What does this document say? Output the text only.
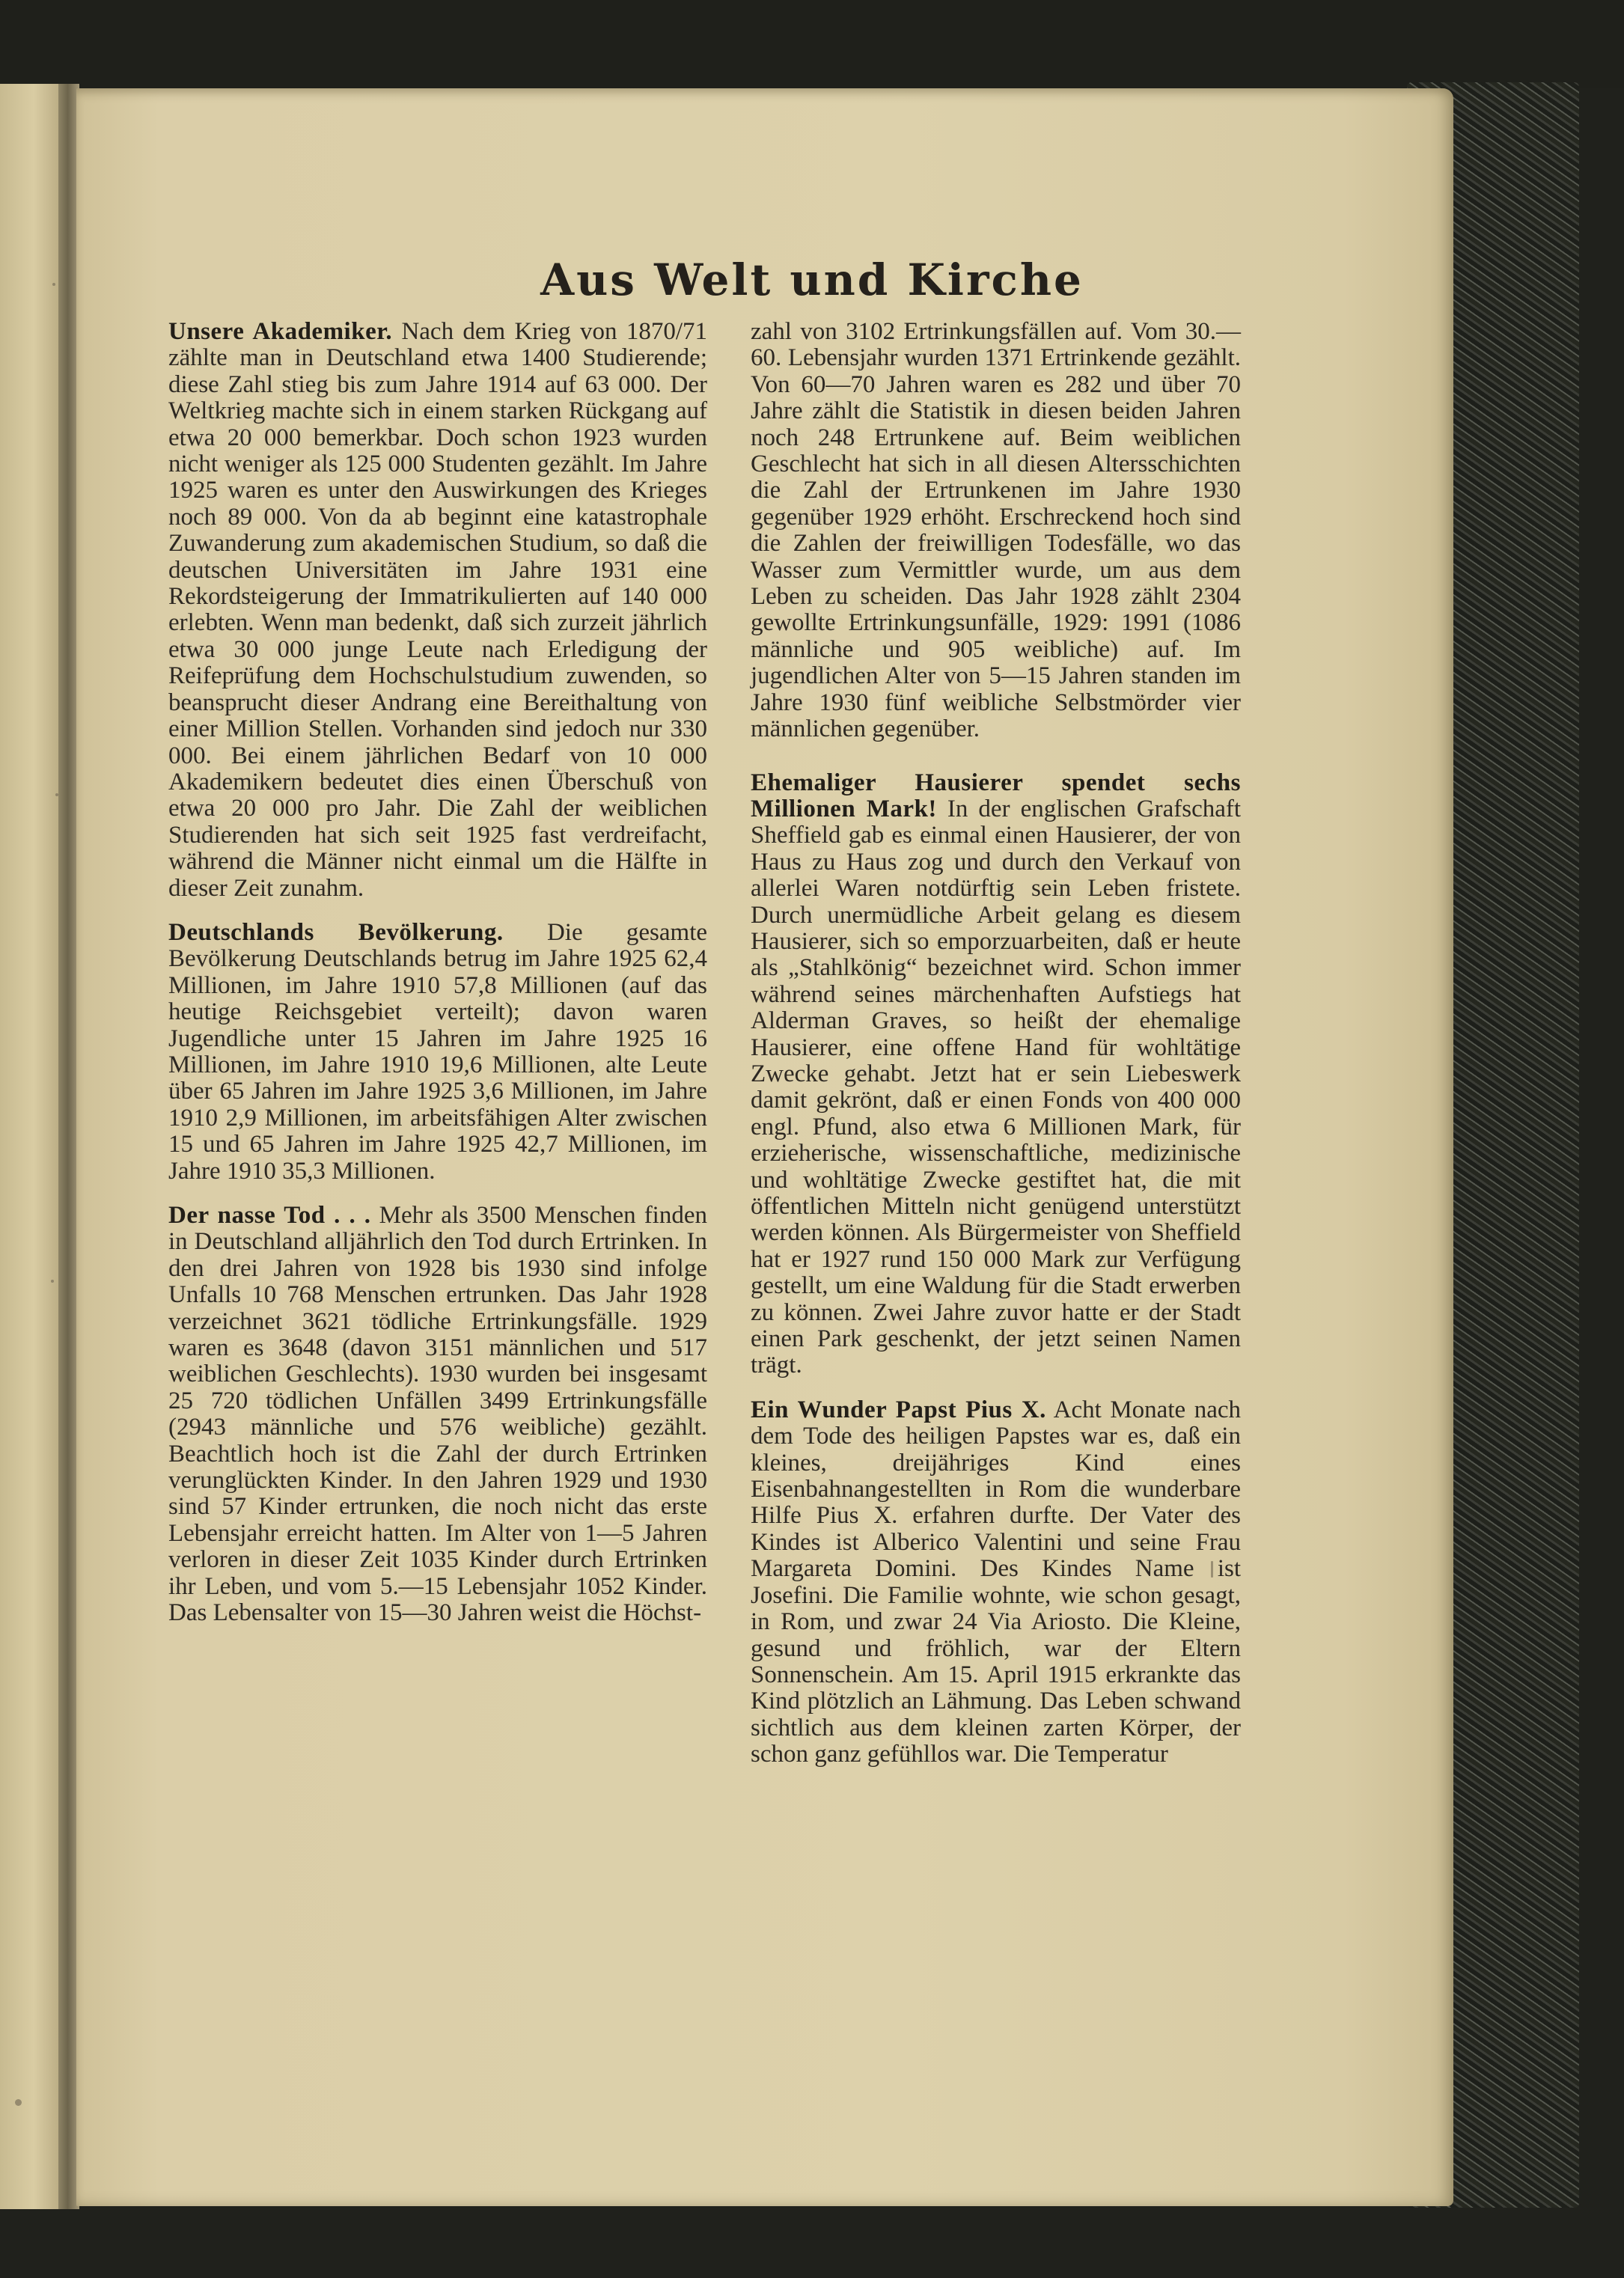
Aus Welt und Kirche

Unsere Akademiker. Nach dem Krieg von 1870/71 zählte man in Deutschland etwa 1400 Studierende; diese Zahl stieg bis zum Jahre 1914 auf 63 000. Der Weltkrieg machte sich in einem starken Rückgang auf etwa 20 000 bemerkbar. Doch schon 1923 wurden nicht weniger als 125 000 Studenten gezählt. Im Jahre 1925 waren es unter den Auswirkungen des Krieges noch 89 000. Von da ab beginnt eine katastrophale Zuwanderung zum akademischen Studium, so daß die deutschen Universitäten im Jahre 1931 eine Rekordsteigerung der Immatrikulierten auf 140 000 erlebten. Wenn man bedenkt, daß sich zurzeit jährlich etwa 30 000 junge Leute nach Erledigung der Reifeprüfung dem Hochschulstudium zuwenden, so beansprucht dieser Andrang eine Bereithaltung von einer Million Stellen. Vorhanden sind jedoch nur 330 000. Bei einem jährlichen Bedarf von 10 000 Akademikern bedeutet dies einen Überschuß von etwa 20 000 pro Jahr. Die Zahl der weiblichen Studierenden hat sich seit 1925 fast verdreifacht, während die Männer nicht einmal um die Hälfte in dieser Zeit zunahm.

Deutschlands Bevölkerung. Die gesamte Bevölkerung Deutschlands betrug im Jahre 1925 62,4 Millionen, im Jahre 1910 57,8 Millionen (auf das heutige Reichsgebiet verteilt); davon waren Jugendliche unter 15 Jahren im Jahre 1925 16 Millionen, im Jahre 1910 19,6 Millionen, alte Leute über 65 Jahren im Jahre 1925 3,6 Millionen, im Jahre 1910 2,9 Millionen, im arbeitsfähigen Alter zwischen 15 und 65 Jahren im Jahre 1925 42,7 Millionen, im Jahre 1910 35,3 Millionen.

Der nasse Tod . . . Mehr als 3500 Menschen finden in Deutschland alljährlich den Tod durch Ertrinken. In den drei Jahren von 1928 bis 1930 sind infolge Unfalls 10 768 Menschen ertrunken. Das Jahr 1928 verzeichnet 3621 tödliche Ertrinkungsfälle. 1929 waren es 3648 (davon 3151 männlichen und 517 weiblichen Geschlechts). 1930 wurden bei insgesamt 25 720 tödlichen Unfällen 3499 Ertrinkungsfälle (2943 männliche und 576 weibliche) gezählt. Beachtlich hoch ist die Zahl der durch Ertrinken verunglückten Kinder. In den Jahren 1929 und 1930 sind 57 Kinder ertrunken, die noch nicht das erste Lebensjahr erreicht hatten. Im Alter von 1—5 Jahren verloren in dieser Zeit 1035 Kinder durch Ertrinken ihr Leben, und vom 5.—15 Lebensjahr 1052 Kinder. Das Lebensalter von 15—30 Jahren weist die Höchst-

zahl von 3102 Ertrinkungsfällen auf. Vom 30.—60. Lebensjahr wurden 1371 Ertrinkende gezählt. Von 60—70 Jahren waren es 282 und über 70 Jahre zählt die Statistik in diesen beiden Jahren noch 248 Ertrunkene auf. Beim weiblichen Geschlecht hat sich in all diesen Altersschichten die Zahl der Ertrunkenen im Jahre 1930 gegenüber 1929 erhöht. Erschreckend hoch sind die Zahlen der freiwilligen Todesfälle, wo das Wasser zum Vermittler wurde, um aus dem Leben zu scheiden. Das Jahr 1928 zählt 2304 gewollte Ertrinkungsunfälle, 1929: 1991 (1086 männliche und 905 weibliche) auf. Im jugendlichen Alter von 5—15 Jahren standen im Jahre 1930 fünf weibliche Selbstmörder vier männlichen gegenüber.

Ehemaliger Hausierer spendet sechs Millionen Mark! In der englischen Grafschaft Sheffield gab es einmal einen Hausierer, der von Haus zu Haus zog und durch den Verkauf von allerlei Waren notdürftig sein Leben fristete. Durch unermüdliche Arbeit gelang es diesem Hausierer, sich so emporzuarbeiten, daß er heute als „Stahlkönig“ bezeichnet wird. Schon immer während seines märchenhaften Aufstiegs hat Alderman Graves, so heißt der ehemalige Hausierer, eine offene Hand für wohltätige Zwecke gehabt. Jetzt hat er sein Liebeswerk damit gekrönt, daß er einen Fonds von 400 000 engl. Pfund, also etwa 6 Millionen Mark, für erzieherische, wissenschaftliche, medizinische und wohltätige Zwecke gestiftet hat, die mit öffentlichen Mitteln nicht genügend unterstützt werden können. Als Bürgermeister von Sheffield hat er 1927 rund 150 000 Mark zur Verfügung gestellt, um eine Waldung für die Stadt erwerben zu können. Zwei Jahre zuvor hatte er der Stadt einen Park geschenkt, der jetzt seinen Namen trägt.

Ein Wunder Papst Pius X. Acht Monate nach dem Tode des heiligen Papstes war es, daß ein kleines, dreijähriges Kind eines Eisenbahnangestellten in Rom die wunderbare Hilfe Pius X. erfahren durfte. Der Vater des Kindes ist Alberico Valentini und seine Frau Margareta Domini. Des Kindes Name ist Josefini. Die Familie wohnte, wie schon gesagt, in Rom, und zwar 24 Via Ariosto. Die Kleine, gesund und fröhlich, war der Eltern Sonnenschein. Am 15. April 1915 erkrankte das Kind plötzlich an Lähmung. Das Leben schwand sichtlich aus dem kleinen zarten Körper, der schon ganz gefühllos war. Die Temperatur
